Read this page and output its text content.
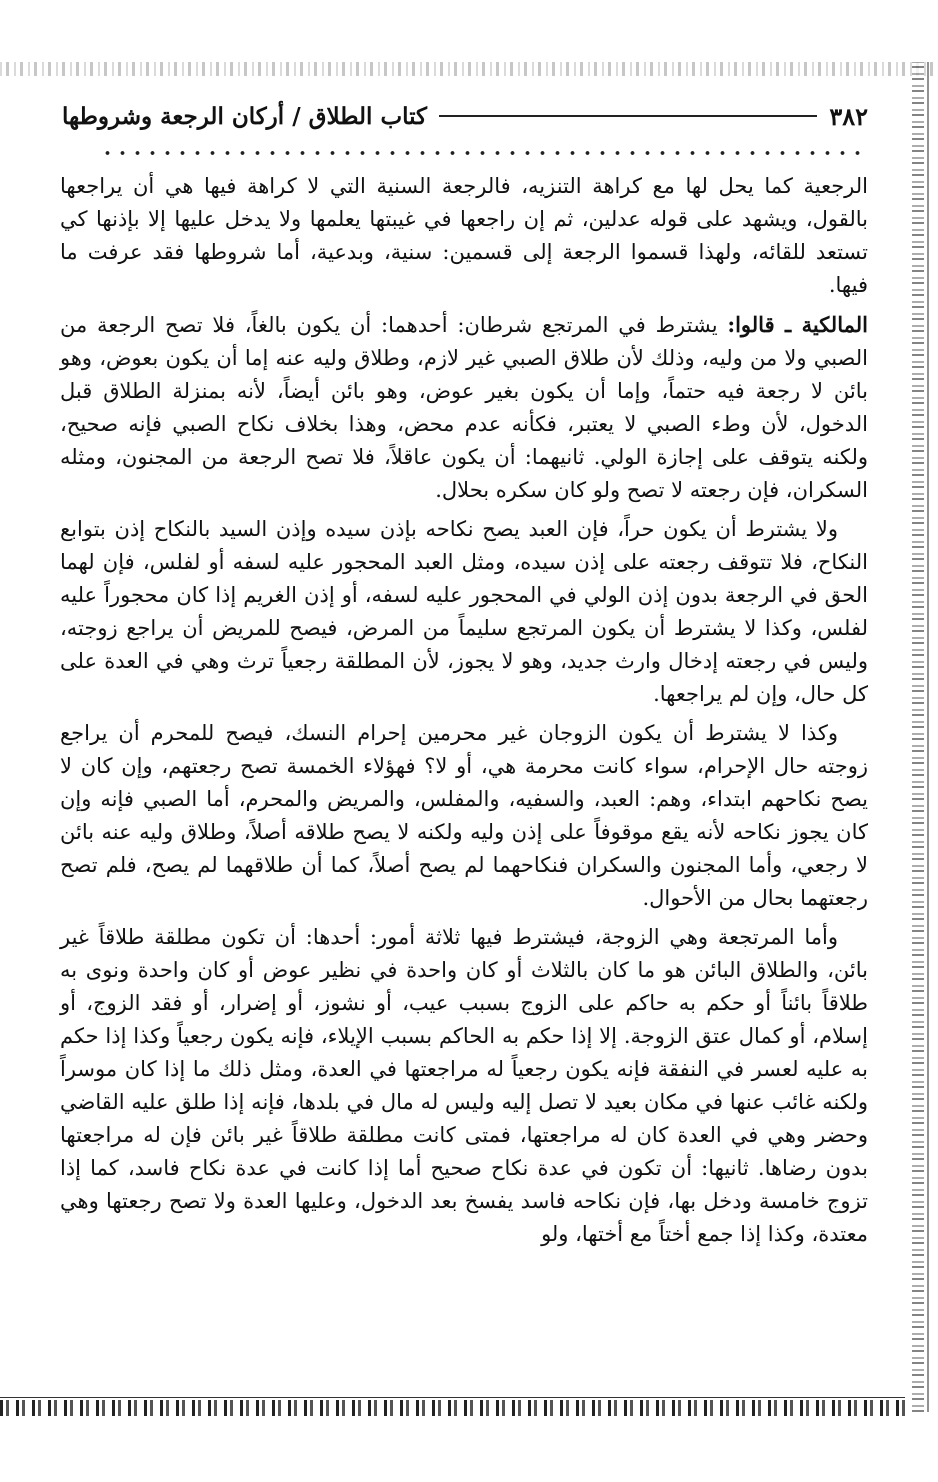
٣٨٢
كتاب الطلاق / أركان الرجعة وشروطها

الرجعية كما يحل لها مع كراهة التنزيه، فالرجعة السنية التي لا كراهة فيها هي أن يراجعها بالقول، ويشهد على قوله عدلين، ثم إن راجعها في غيبتها يعلمها ولا يدخل عليها إلا بإذنها كي تستعد للقائه، ولهذا قسموا الرجعة إلى قسمين: سنية، وبدعية، أما شروطها فقد عرفت ما فيها.

المالكية ـ قالوا: يشترط في المرتجع شرطان: أحدهما: أن يكون بالغاً، فلا تصح الرجعة من الصبي ولا من وليه، وذلك لأن طلاق الصبي غير لازم، وطلاق وليه عنه إما أن يكون بعوض، وهو بائن لا رجعة فيه حتماً، وإما أن يكون بغير عوض، وهو بائن أيضاً، لأنه بمنزلة الطلاق قبل الدخول، لأن وطء الصبي لا يعتبر، فكأنه عدم محض، وهذا بخلاف نكاح الصبي فإنه صحيح، ولكنه يتوقف على إجازة الولي. ثانيهما: أن يكون عاقلاً، فلا تصح الرجعة من المجنون، ومثله السكران، فإن رجعته لا تصح ولو كان سكره بحلال.

ولا يشترط أن يكون حراً، فإن العبد يصح نكاحه بإذن سيده وإذن السيد بالنكاح إذن بتوابع النكاح، فلا تتوقف رجعته على إذن سيده، ومثل العبد المحجور عليه لسفه أو لفلس، فإن لهما الحق في الرجعة بدون إذن الولي في المحجور عليه لسفه، أو إذن الغريم إذا كان محجوراً عليه لفلس، وكذا لا يشترط أن يكون المرتجع سليماً من المرض، فيصح للمريض أن يراجع زوجته، وليس في رجعته إدخال وارث جديد، وهو لا يجوز، لأن المطلقة رجعياً ترث وهي في العدة على كل حال، وإن لم يراجعها.

وكذا لا يشترط أن يكون الزوجان غير محرمين إحرام النسك، فيصح للمحرم أن يراجع زوجته حال الإحرام، سواء كانت محرمة هي، أو لا؟ فهؤلاء الخمسة تصح رجعتهم، وإن كان لا يصح نكاحهم ابتداء، وهم: العبد، والسفيه، والمفلس، والمريض والمحرم، أما الصبي فإنه وإن كان يجوز نكاحه لأنه يقع موقوفاً على إذن وليه ولكنه لا يصح طلاقه أصلاً، وطلاق وليه عنه بائن لا رجعي، وأما المجنون والسكران فنكاحهما لم يصح أصلاً، كما أن طلاقهما لم يصح، فلم تصح رجعتهما بحال من الأحوال.

وأما المرتجعة وهي الزوجة، فيشترط فيها ثلاثة أمور: أحدها: أن تكون مطلقة طلاقاً غير بائن، والطلاق البائن هو ما كان بالثلاث أو كان واحدة في نظير عوض أو كان واحدة ونوى به طلاقاً بائناً أو حكم به حاكم على الزوج بسبب عيب، أو نشوز، أو إضرار، أو فقد الزوج، أو إسلام، أو كمال عتق الزوجة. إلا إذا حكم به الحاكم بسبب الإيلاء، فإنه يكون رجعياً وكذا إذا حكم به عليه لعسر في النفقة فإنه يكون رجعياً له مراجعتها في العدة، ومثل ذلك ما إذا كان موسراً ولكنه غائب عنها في مكان بعيد لا تصل إليه وليس له مال في بلدها، فإنه إذا طلق عليه القاضي وحضر وهي في العدة كان له مراجعتها، فمتى كانت مطلقة طلاقاً غير بائن فإن له مراجعتها بدون رضاها. ثانيها: أن تكون في عدة نكاح صحيح أما إذا كانت في عدة نكاح فاسد، كما إذا تزوج خامسة ودخل بها، فإن نكاحه فاسد يفسخ بعد الدخول، وعليها العدة ولا تصح رجعتها وهي معتدة، وكذا إذا جمع أختاً مع أختها، ولو
